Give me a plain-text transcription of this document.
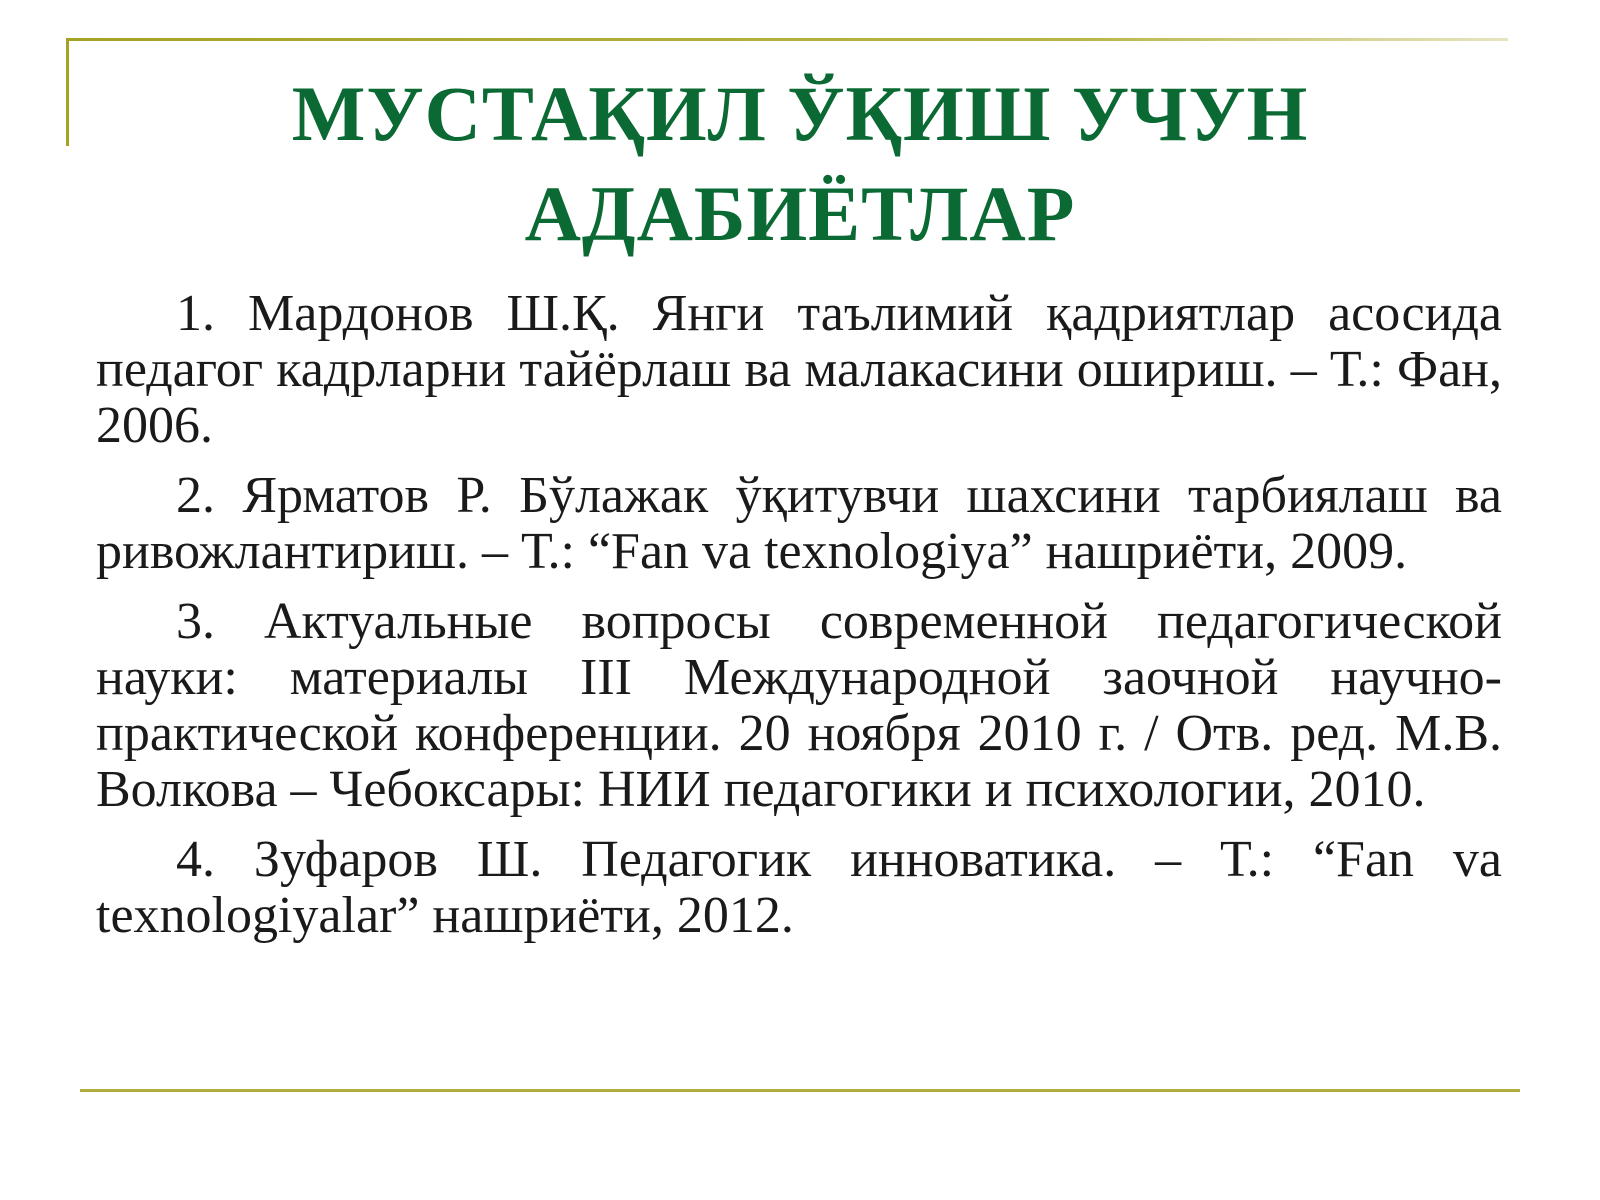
МУСТАҚИЛ ЎҚИШ УЧУН
АДАБИЁТЛАР
1. Мардонов Ш.Қ. Янги таълимий қадриятлар асосида педагог кадрларни тайёрлаш ва малакасини ошириш. – Т.: Фан, 2006.
2. Ярматов Р. Бўлажак ўқитувчи шахсини тарбиялаш ва ривожлантириш. – Т.: “Fan va texnologiya” нашриёти, 2009.
3. Актуальные вопросы современной педагогической науки: материалы III Международной заочной научно-практической конференции. 20 ноября 2010 г. / Отв. ред. М.В. Волкова – Чебоксары: НИИ педагогики и психологии, 2010.
4. Зуфаров Ш. Педагогик инноватика. – Т.: “Fan va texnologiyalar” нашриёти, 2012.
